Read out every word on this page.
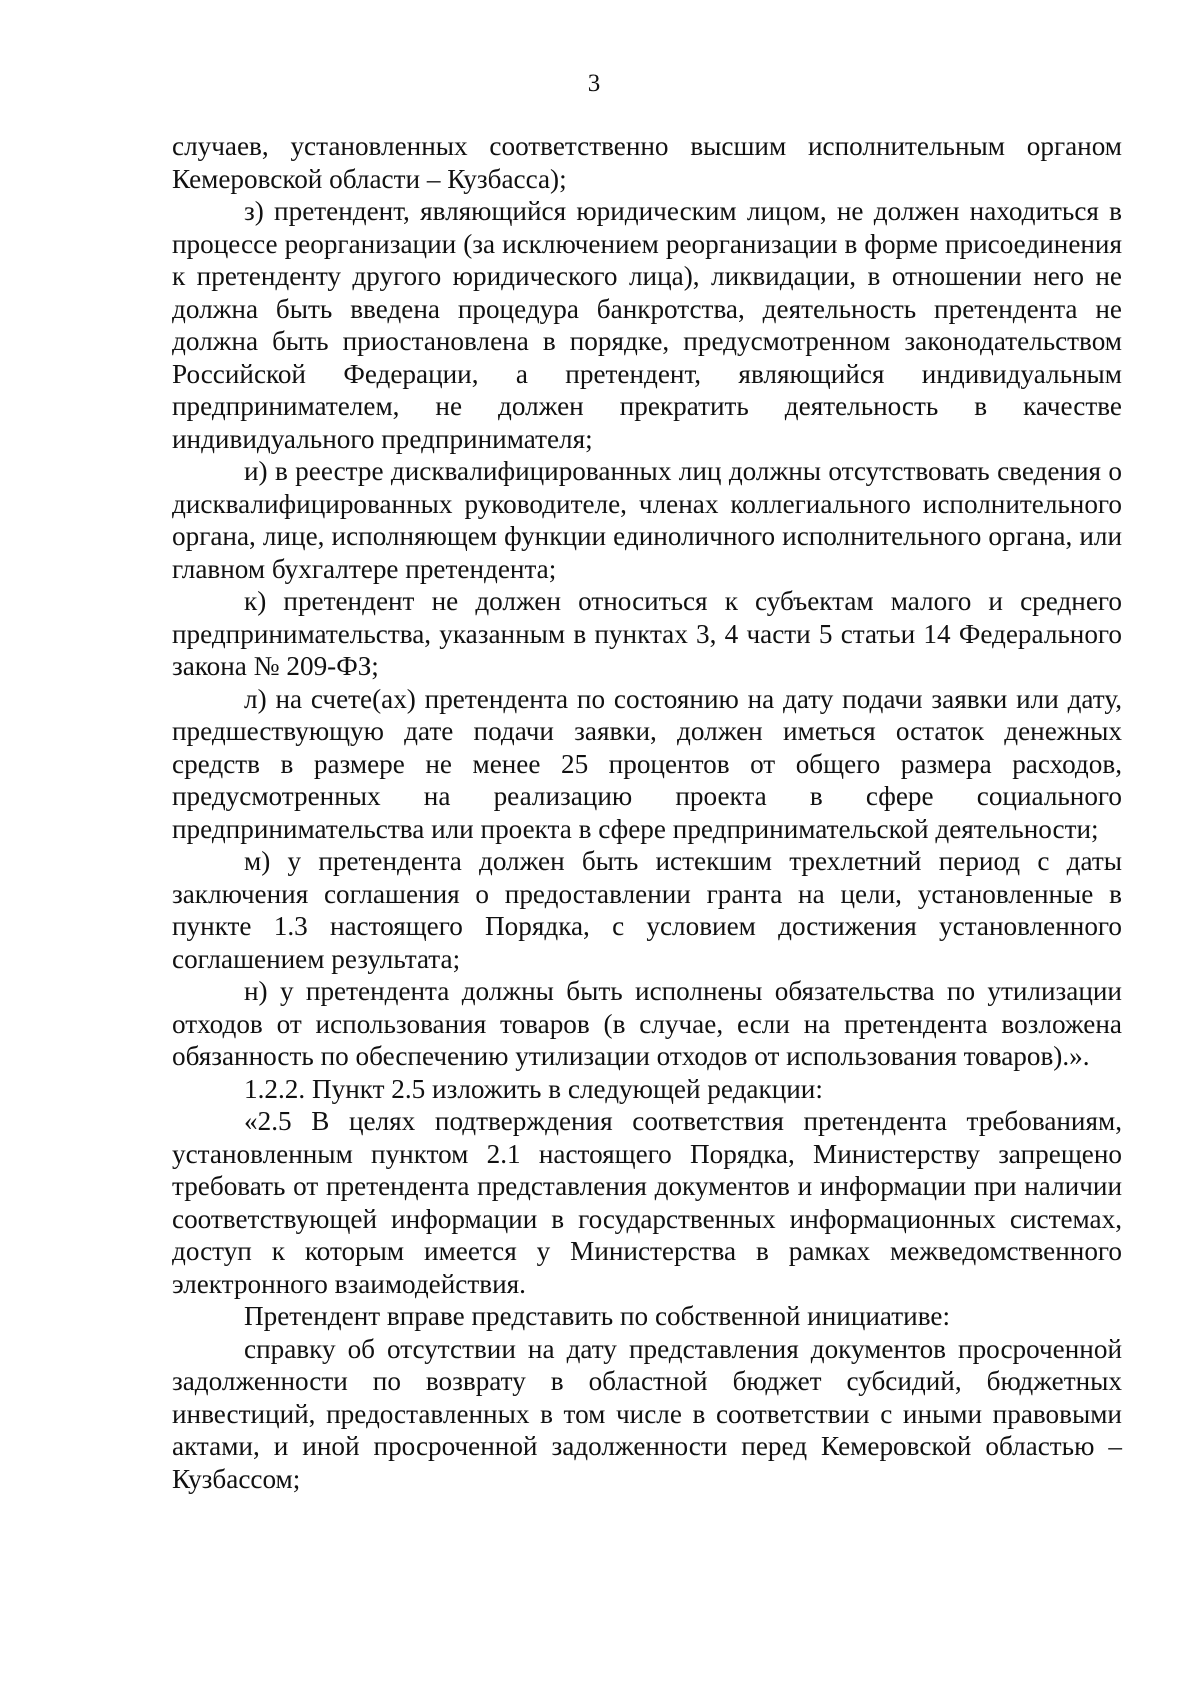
3

случаев, установленных соответственно высшим исполнительным органом Кемеровской области – Кузбасса);

з) претендент, являющийся юридическим лицом, не должен находиться в процессе реорганизации (за исключением реорганизации в форме присоединения к претенденту другого юридического лица), ликвидации, в отношении него не должна быть введена процедура банкротства, деятельность претендента не должна быть приостановлена в порядке, предусмотренном законодательством Российской Федерации, а претендент, являющийся индивидуальным предпринимателем, не должен прекратить деятельность в качестве индивидуального предпринимателя;

и) в реестре дисквалифицированных лиц должны отсутствовать сведения о дисквалифицированных руководителе, членах коллегиального исполнительного органа, лице, исполняющем функции единоличного исполнительного органа, или главном бухгалтере претендента;

к) претендент не должен относиться к субъектам малого и среднего предпринимательства, указанным в пунктах 3, 4 части 5 статьи 14 Федерального закона № 209-ФЗ;

л) на счете(ах) претендента по состоянию на дату подачи заявки или дату, предшествующую дате подачи заявки, должен иметься остаток денежных средств в размере не менее 25 процентов от общего размера расходов, предусмотренных на реализацию проекта в сфере социального предпринимательства или проекта в сфере предпринимательской деятельности;

м) у претендента должен быть истекшим трехлетний период с даты заключения соглашения о предоставлении гранта на цели, установленные в пункте 1.3 настоящего Порядка, с условием достижения установленного соглашением результата;

н) у претендента должны быть исполнены обязательства по утилизации отходов от использования товаров (в случае, если на претендента возложена обязанность по обеспечению утилизации отходов от использования товаров).».

1.2.2. Пункт 2.5 изложить в следующей редакции:

«2.5 В целях подтверждения соответствия претендента требованиям, установленным пунктом 2.1 настоящего Порядка, Министерству запрещено требовать от претендента представления документов и информации при наличии соответствующей информации в государственных информационных системах, доступ к которым имеется у Министерства в рамках межведомственного электронного взаимодействия.

Претендент вправе представить по собственной инициативе:

справку об отсутствии на дату представления документов просроченной задолженности по возврату в областной бюджет субсидий, бюджетных инвестиций, предоставленных в том числе в соответствии с иными правовыми актами, и иной просроченной задолженности перед Кемеровской областью – Кузбассом;
